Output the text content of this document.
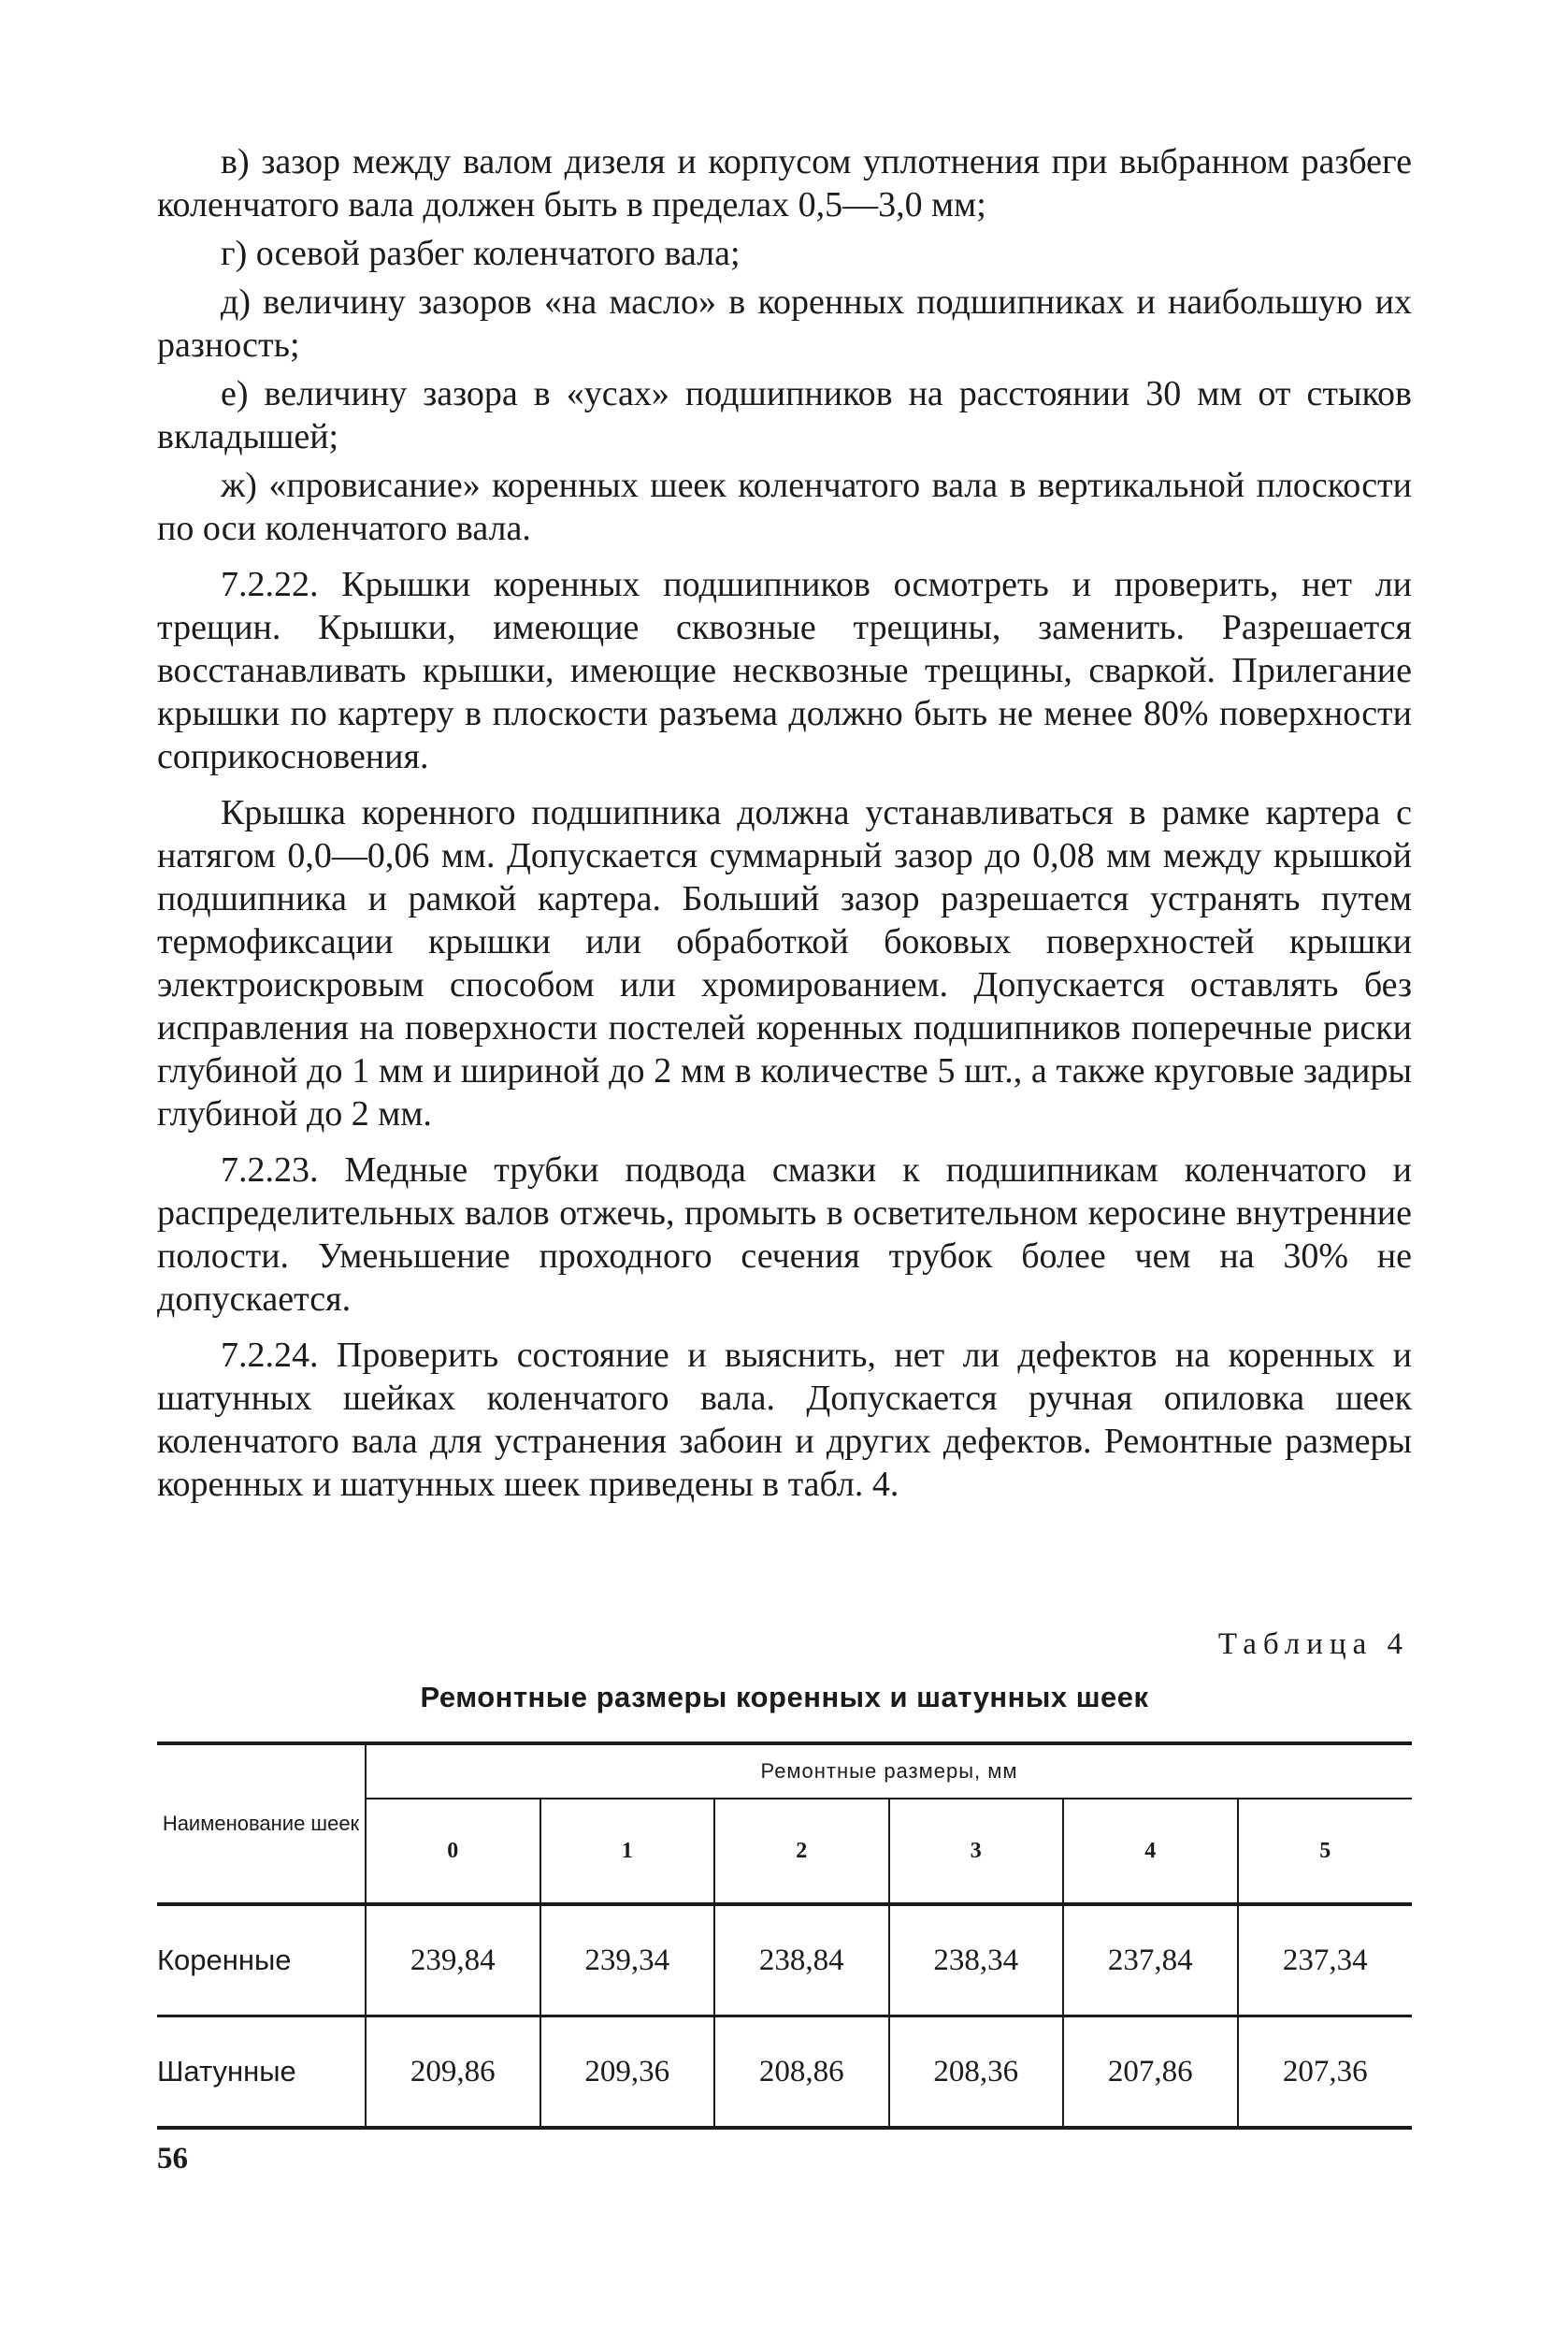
в) зазор между валом дизеля и корпусом уплотнения при выбранном разбеге коленчатого вала должен быть в пределах 0,5—3,0 мм;

г) осевой разбег коленчатого вала;

д) величину зазоров «на масло» в коренных подшипниках и наибольшую их разность;

е) величину зазора в «усах» подшипников на расстоянии 30 мм от стыков вкладышей;

ж) «провисание» коренных шеек коленчатого вала в вертикальной плоскости по оси коленчатого вала.

7.2.22. Крышки коренных подшипников осмотреть и проверить, нет ли трещин. Крышки, имеющие сквозные трещины, заменить. Разрешается восстанавливать крышки, имеющие несквозные трещины, сваркой. Прилегание крышки по картеру в плоскости разъема должно быть не менее 80% поверхности соприкосновения.

Крышка коренного подшипника должна устанавливаться в рамке картера с натягом 0,0—0,06 мм. Допускается суммарный зазор до 0,08 мм между крышкой подшипника и рамкой картера. Больший зазор разрешается устранять путем термофиксации крышки или обработкой боковых поверхностей крышки электроискровым способом или хромированием. Допускается оставлять без исправления на поверхности постелей коренных подшипников поперечные риски глубиной до 1 мм и шириной до 2 мм в количестве 5 шт., а также круговые задиры глубиной до 2 мм.

7.2.23. Медные трубки подвода смазки к подшипникам коленчатого и распределительных валов отжечь, промыть в осветительном керосине внутренние полости. Уменьшение проходного сечения трубок более чем на 30% не допускается.

7.2.24. Проверить состояние и выяснить, нет ли дефектов на коренных и шатунных шейках коленчатого вала. Допускается ручная опиловка шеек коленчатого вала для устранения забоин и других дефектов. Ремонтные размеры коренных и шатунных шеек приведены в табл. 4.

Таблица 4
Ремонтные размеры коренных и шатунных шеек
Наименование шеек	Ремонтные размеры, мм					
	0	1	2	3	4	5
Коренные	239,84	239,34	238,84	238,34	237,84	237,34
Шатунные	209,86	209,36	208,86	208,36	207,86	207,36
56
